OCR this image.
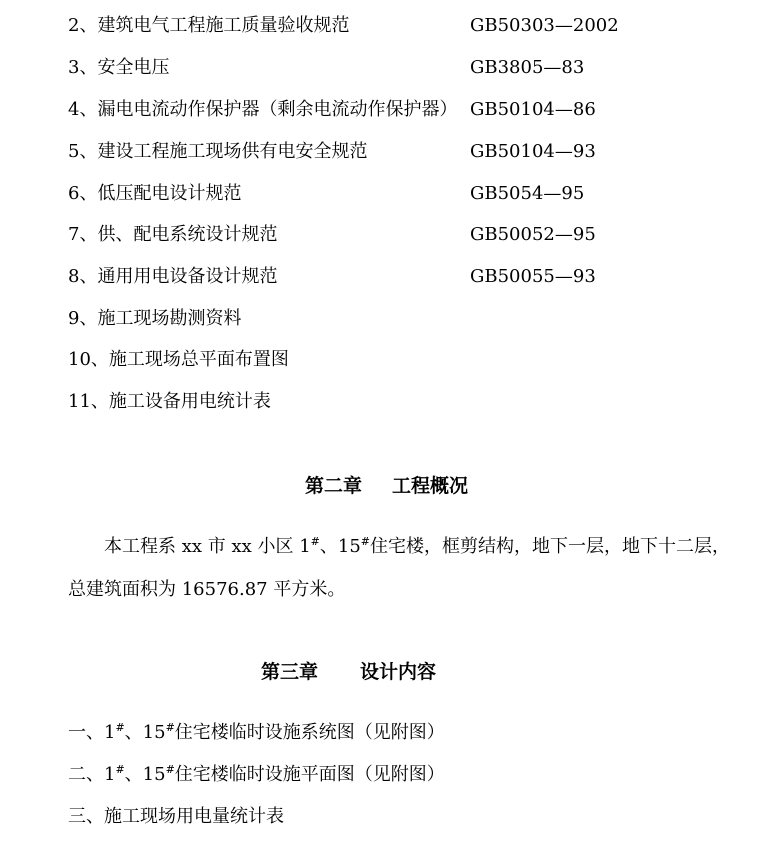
2、建筑电气工程施工质量验收规范	GB50303—2002
3、安全电压	GB3805—83
4、漏电电流动作保护器（剩余电流动作保护器） GB50104—86
5、建设工程施工现场供有电安全规范	GB50104—93
6、低压配电设计规范	GB5054—95
7、供、配电系统设计规范	GB50052—95
8、通用用电设备设计规范	GB50055—93
9、施工现场勘测资料
10、施工现场总平面布置图
11、施工设备用电统计表
第二章 工程概况
本工程系 xx 市 xx 小区 1#、15#住宅楼，框剪结构，地下一层，地下十二层，
总建筑面积为 16576.87 平方米。
第三章 设计内容
一、1#、15#住宅楼临时设施系统图（见附图）
二、1#、15#住宅楼临时设施平面图（见附图）
三、施工现场用电量统计表
